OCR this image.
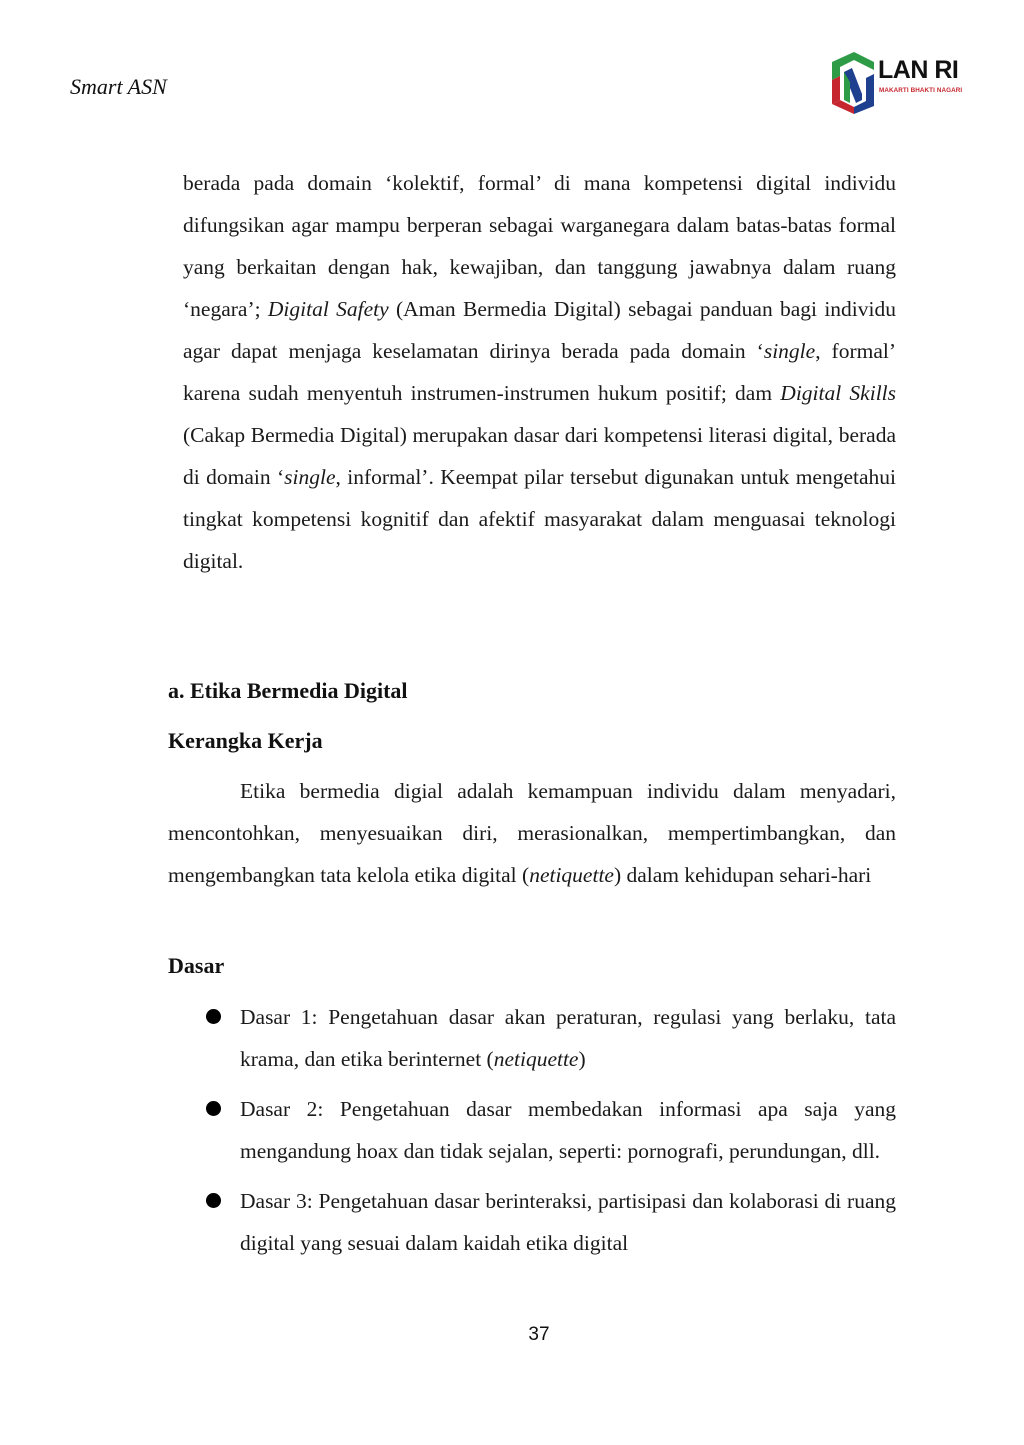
Smart ASN
LAN RI
MAKARTI BHAKTI NAGARI

berada pada domain ‘kolektif, formal’ di mana kompetensi digital individu difungsikan agar mampu berperan sebagai warganegara dalam batas-batas formal yang berkaitan dengan hak, kewajiban, dan tanggung jawabnya dalam ruang ‘negara’; Digital Safety (Aman Bermedia Digital) sebagai panduan bagi individu agar dapat menjaga keselamatan dirinya berada pada domain ‘single, formal’ karena sudah menyentuh instrumen-instrumen hukum positif; dam Digital Skills (Cakap Bermedia Digital) merupakan dasar dari kompetensi literasi digital, berada di domain ‘single, informal’. Keempat pilar tersebut digunakan untuk mengetahui tingkat kompetensi kognitif dan afektif masyarakat dalam menguasai teknologi digital.

a. Etika Bermedia Digital
Kerangka Kerja

Etika bermedia digial adalah kemampuan individu dalam menyadari, mencontohkan, menyesuaikan diri, merasionalkan, mempertimbangkan, dan mengembangkan tata kelola etika digital (netiquette) dalam kehidupan sehari-hari

Dasar
Dasar 1: Pengetahuan dasar akan peraturan, regulasi yang berlaku, tata krama, dan etika berinternet (netiquette)
Dasar 2: Pengetahuan dasar membedakan informasi apa saja yang mengandung hoax dan tidak sejalan, seperti: pornografi, perundungan, dll.
Dasar 3: Pengetahuan dasar berinteraksi, partisipasi dan kolaborasi di ruang digital yang sesuai dalam kaidah etika digital
37
